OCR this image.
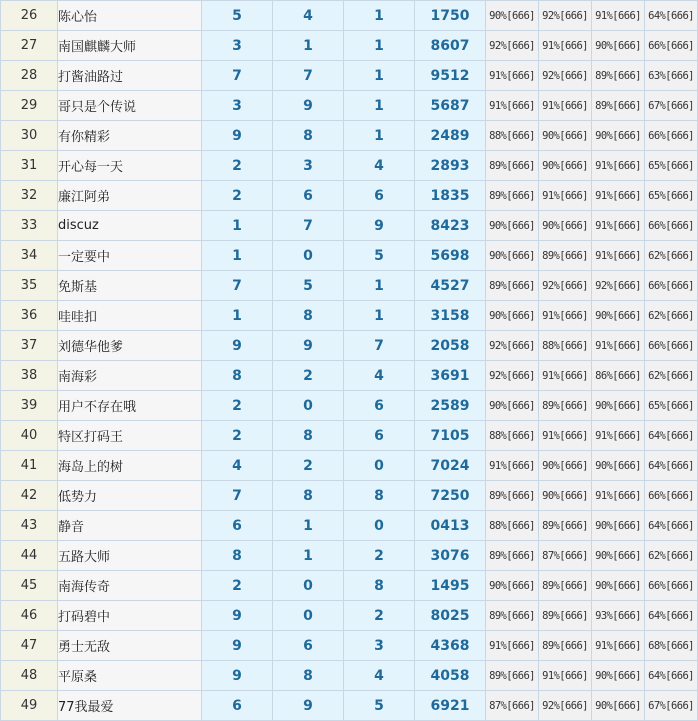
26	陈心怡	5	4	1	1750	90%[666]	92%[666]	91%[666]	64%[666]
27	南国麒麟大师	3	1	1	8607	92%[666]	91%[666]	90%[666]	66%[666]
28	打酱油路过	7	7	1	9512	91%[666]	92%[666]	89%[666]	63%[666]
29	哥只是个传说	3	9	1	5687	91%[666]	91%[666]	89%[666]	67%[666]
30	有你精彩	9	8	1	2489	88%[666]	90%[666]	90%[666]	66%[666]
31	开心每一天	2	3	4	2893	89%[666]	90%[666]	91%[666]	65%[666]
32	廉江阿弟	2	6	6	1835	89%[666]	91%[666]	91%[666]	65%[666]
33	discuz	1	7	9	8423	90%[666]	90%[666]	91%[666]	66%[666]
34	一定要中	1	0	5	5698	90%[666]	89%[666]	91%[666]	62%[666]
35	免斯基	7	5	1	4527	89%[666]	92%[666]	92%[666]	66%[666]
36	哇哇扣	1	8	1	3158	90%[666]	91%[666]	90%[666]	62%[666]
37	刘德华他爹	9	9	7	2058	92%[666]	88%[666]	91%[666]	66%[666]
38	南海彩	8	2	4	3691	92%[666]	91%[666]	86%[666]	62%[666]
39	用户不存在哦	2	0	6	2589	90%[666]	89%[666]	90%[666]	65%[666]
40	特区打码王	2	8	6	7105	88%[666]	91%[666]	91%[666]	64%[666]
41	海岛上的树	4	2	0	7024	91%[666]	90%[666]	90%[666]	64%[666]
42	低势力	7	8	8	7250	89%[666]	90%[666]	91%[666]	66%[666]
43	静音	6	1	0	0413	88%[666]	89%[666]	90%[666]	64%[666]
44	五路大师	8	1	2	3076	89%[666]	87%[666]	90%[666]	62%[666]
45	南海传奇	2	0	8	1495	90%[666]	89%[666]	90%[666]	66%[666]
46	打码碧中	9	0	2	8025	89%[666]	89%[666]	93%[666]	64%[666]
47	勇士无敌	9	6	3	4368	91%[666]	89%[666]	91%[666]	68%[666]
48	平原桑	9	8	4	4058	89%[666]	91%[666]	90%[666]	64%[666]
49	77我最爱	6	9	5	6921	87%[666]	92%[666]	90%[666]	67%[666]
